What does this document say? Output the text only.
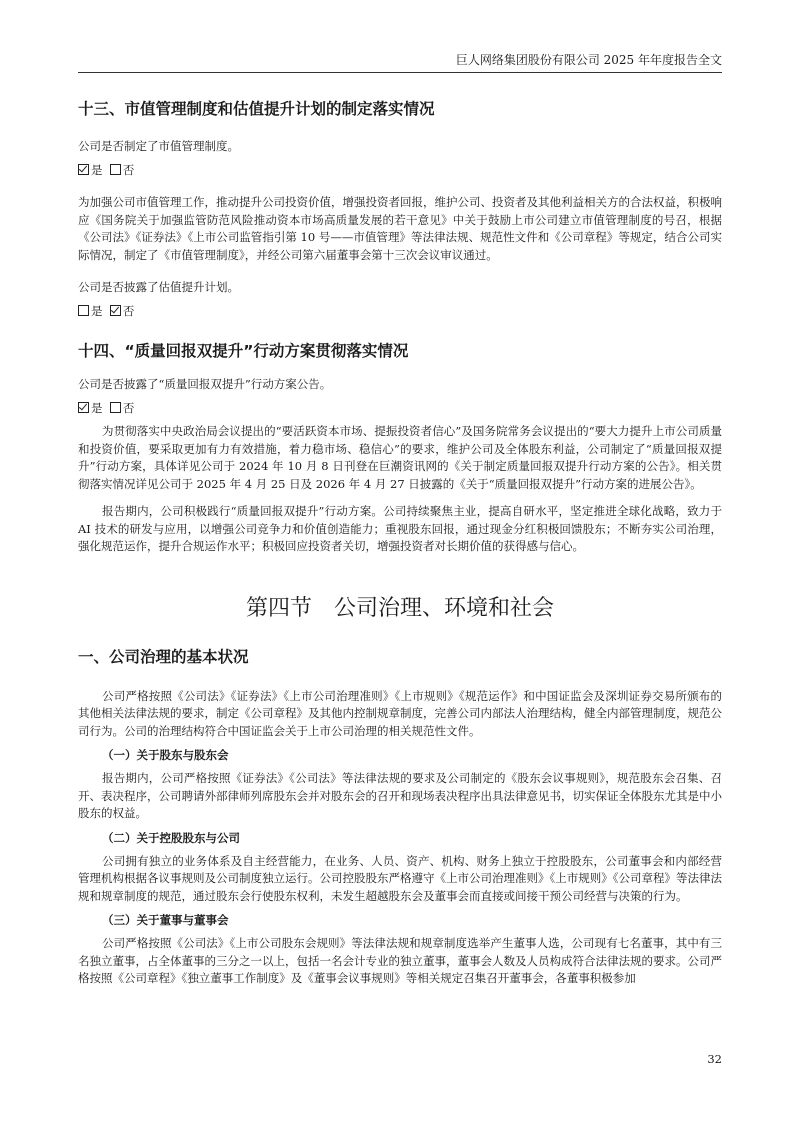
巨人网络集团股份有限公司 2025 年年度报告全文
十三、市值管理制度和估值提升计划的制定落实情况

公司是否制定了市值管理制度。

是 否

为加强公司市值管理工作，推动提升公司投资价值，增强投资者回报，维护公司、投资者及其他利益相关方的合法权益，积极响应《国务院关于加强监管防范风险推动资本市场高质量发展的若干意见》中关于鼓励上市公司建立市值管理制度的号召，根据《公司法》《证券法》《上市公司监管指引第 10 号——市值管理》等法律法规、规范性文件和《公司章程》等规定，结合公司实际情况，制定了《市值管理制度》，并经公司第六届董事会第十三次会议审议通过。

公司是否披露了估值提升计划。

是 否
十四、“质量回报双提升”行动方案贯彻落实情况

公司是否披露了“质量回报双提升”行动方案公告。

是 否

为贯彻落实中央政治局会议提出的“要活跃资本市场、提振投资者信心”及国务院常务会议提出的“要大力提升上市公司质量和投资价值，要采取更加有力有效措施，着力稳市场、稳信心”的要求，维护公司及全体股东利益，公司制定了“质量回报双提升”行动方案，具体详见公司于 2024 年 10 月 8 日刊登在巨潮资讯网的《关于制定质量回报双提升行动方案的公告》。相关贯彻落实情况详见公司于 2025 年 4 月 25 日及 2026 年 4 月 27 日披露的《关于“质量回报双提升”行动方案的进展公告》。

报告期内，公司积极践行“质量回报双提升”行动方案。公司持续聚焦主业，提高自研水平，坚定推进全球化战略，致力于 AI 技术的研发与应用，以增强公司竞争力和价值创造能力；重视股东回报，通过现金分红积极回馈股东；不断夯实公司治理，强化规范运作，提升合规运作水平；积极回应投资者关切，增强投资者对长期价值的获得感与信心。

第四节　公司治理、环境和社会
一、公司治理的基本状况

公司严格按照《公司法》《证券法》《上市公司治理准则》《上市规则》《规范运作》和中国证监会及深圳证券交易所颁布的其他相关法律法规的要求，制定《公司章程》及其他内控制规章制度，完善公司内部法人治理结构，健全内部管理制度，规范公司行为。公司的治理结构符合中国证监会关于上市公司治理的相关规范性文件。

（一）关于股东与股东会

报告期内，公司严格按照《证券法》《公司法》等法律法规的要求及公司制定的《股东会议事规则》，规范股东会召集、召开、表决程序，公司聘请外部律师列席股东会并对股东会的召开和现场表决程序出具法律意见书，切实保证全体股东尤其是中小股东的权益。

（二）关于控股股东与公司

公司拥有独立的业务体系及自主经营能力，在业务、人员、资产、机构、财务上独立于控股股东，公司董事会和内部经营管理机构根据各议事规则及公司制度独立运行。公司控股股东严格遵守《上市公司治理准则》《上市规则》《公司章程》等法律法规和规章制度的规范，通过股东会行使股东权利，未发生超越股东会及董事会而直接或间接干预公司经营与决策的行为。

（三）关于董事与董事会

公司严格按照《公司法》《上市公司股东会规则》等法律法规和规章制度选举产生董事人选，公司现有七名董事，其中有三名独立董事，占全体董事的三分之一以上，包括一名会计专业的独立董事，董事会人数及人员构成符合法律法规的要求。公司严格按照《公司章程》《独立董事工作制度》及《董事会议事规则》等相关规定召集召开董事会，各董事积极参加

32
